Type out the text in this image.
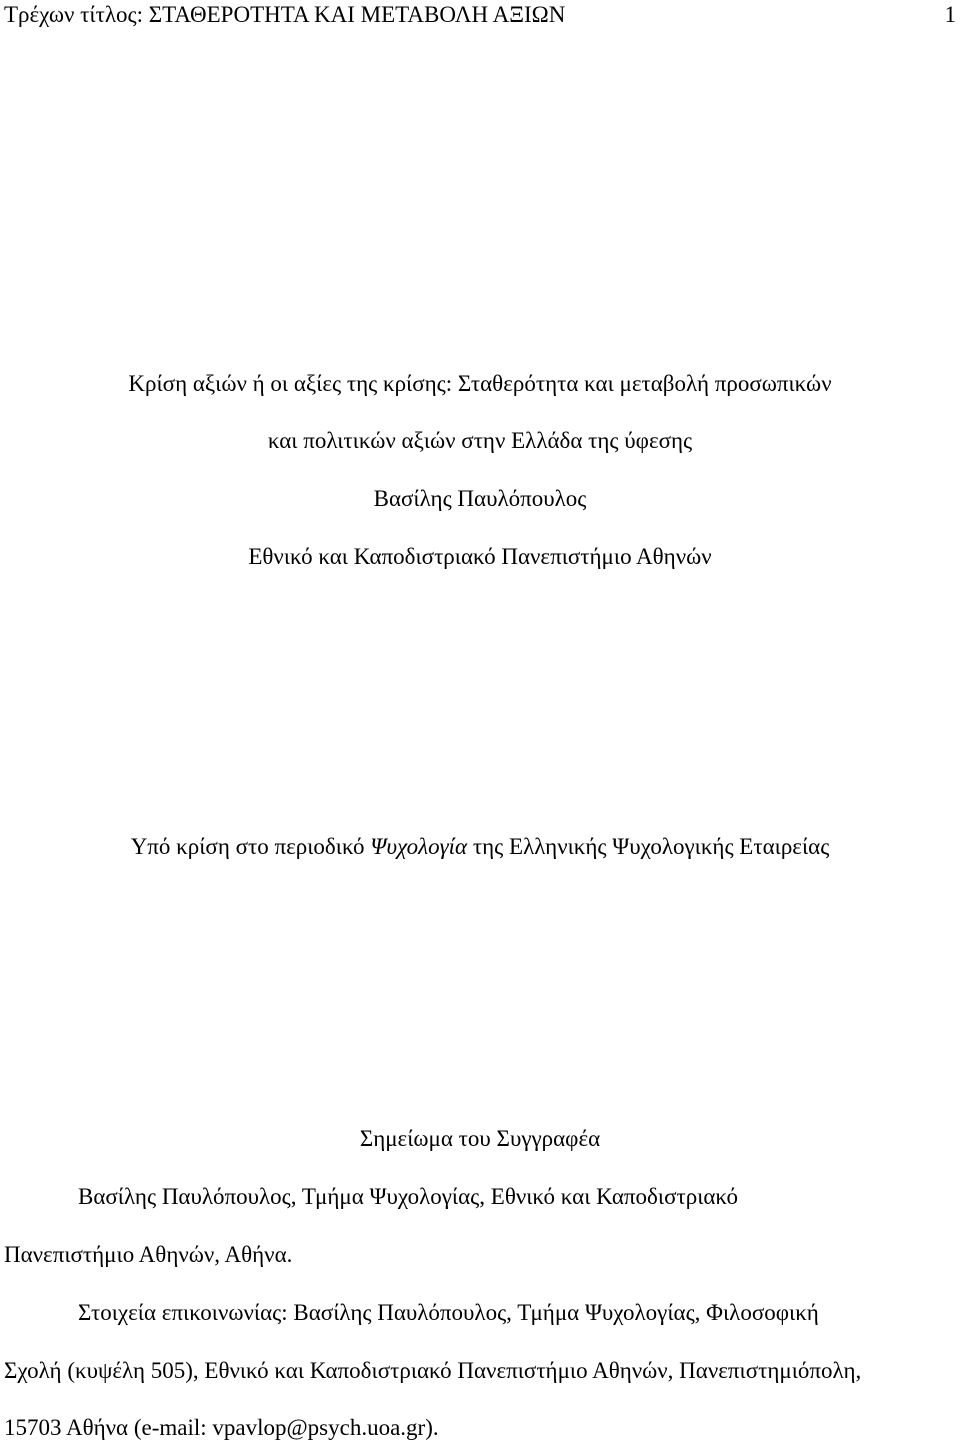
Τρέχων τίτλος: ΣΤΑΘΕΡΟΤΗΤΑ ΚΑΙ ΜΕΤΑΒΟΛΗ ΑΞΙΩΝ	1
Κρίση αξιών ή οι αξίες της κρίσης: Σταθερότητα και μεταβολή προσωπικών
και πολιτικών αξιών στην Ελλάδα της ύφεσης
Βασίλης Παυλόπουλος
Εθνικό και Καποδιστριακό Πανεπιστήμιο Αθηνών
Υπό κρίση στο περιοδικό Ψυχολογία της Ελληνικής Ψυχολογικής Εταιρείας
Σημείωμα του Συγγραφέα
Βασίλης Παυλόπουλος, Τμήμα Ψυχολογίας, Εθνικό και Καποδιστριακό
Πανεπιστήμιο Αθηνών, Αθήνα.
Στοιχεία επικοινωνίας: Βασίλης Παυλόπουλος, Τμήμα Ψυχολογίας, Φιλοσοφική
Σχολή (κυψέλη 505), Εθνικό και Καποδιστριακό Πανεπιστήμιο Αθηνών, Πανεπιστημιόπολη,
15703 Αθήνα (e-mail: vpavlop@psych.uoa.gr).
